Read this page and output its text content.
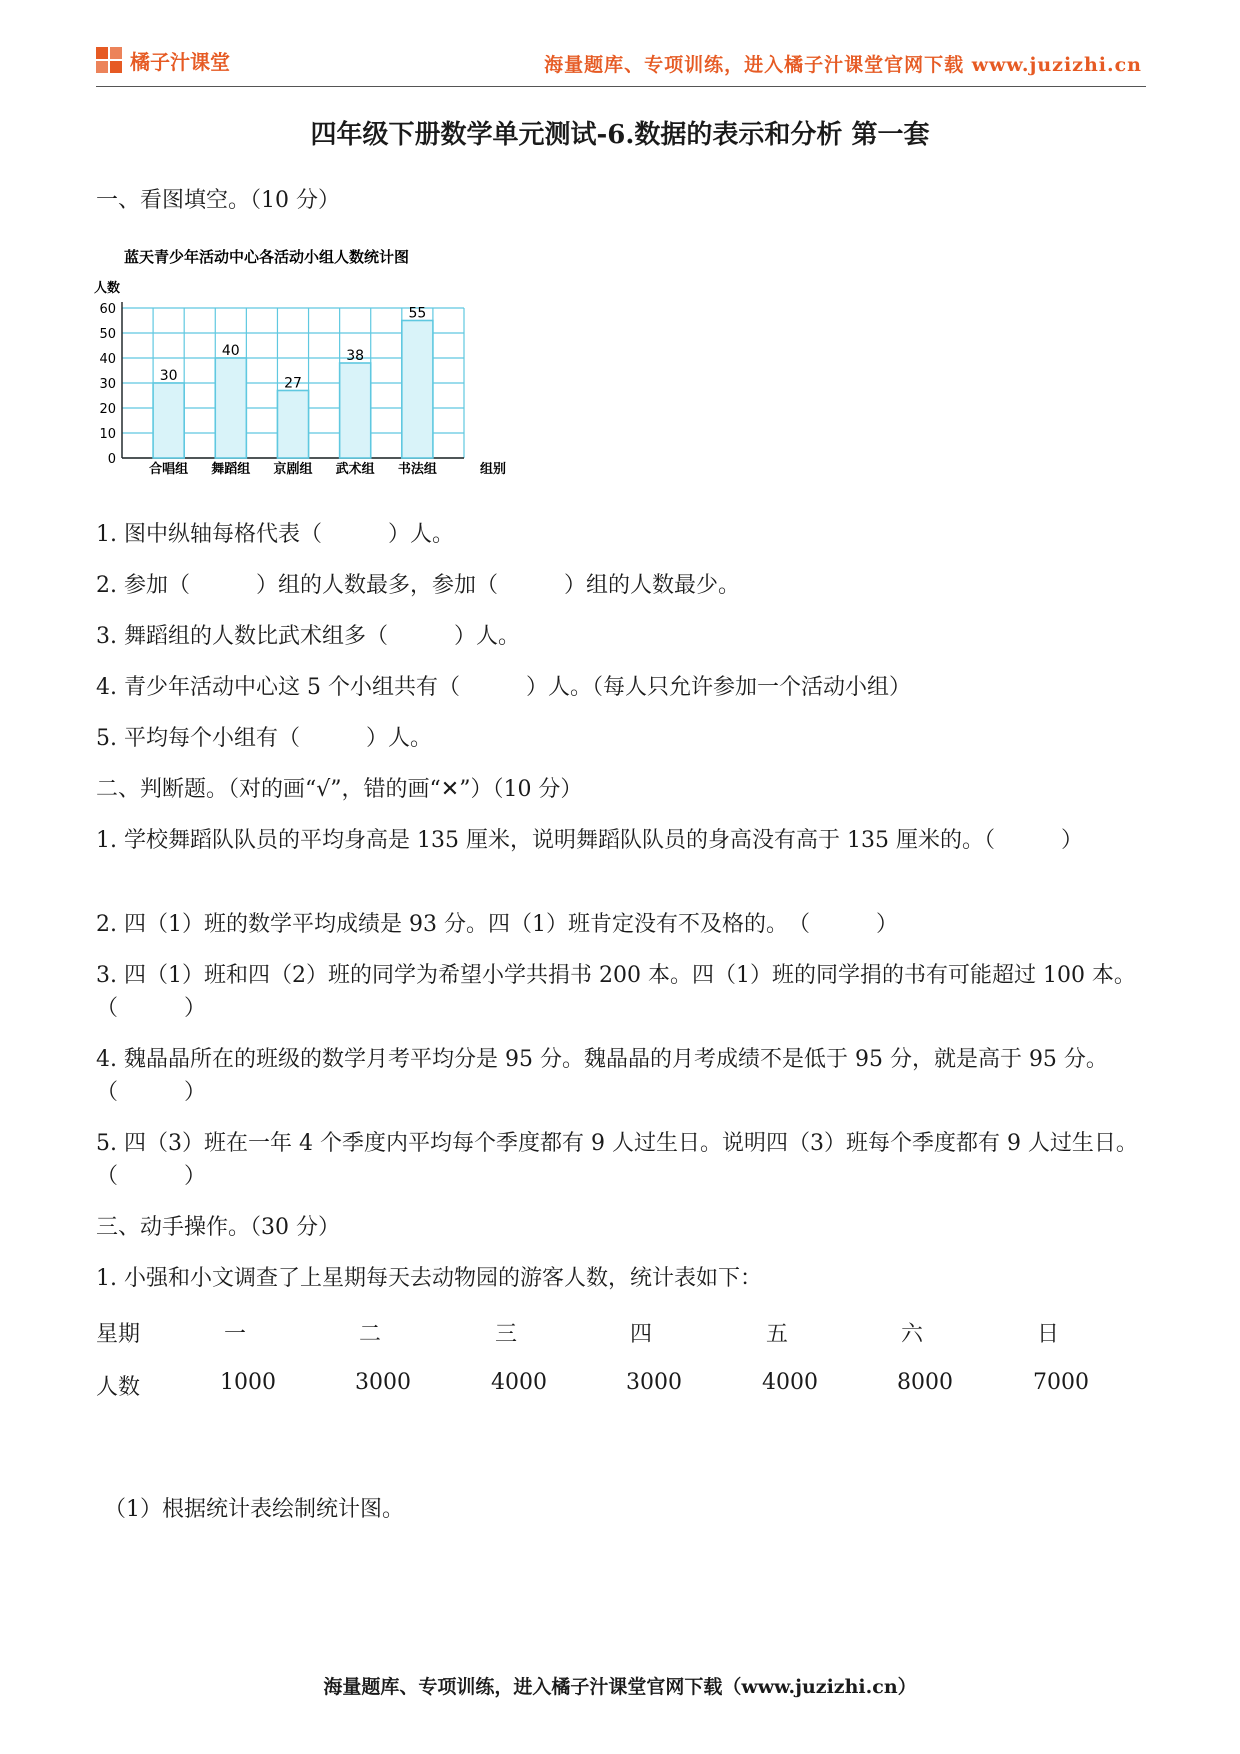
橘子汁课堂	海量题库、专项训练，进入橘子汁课堂官网下载 www.juzizhi.cn
四年级下册数学单元测试-6.数据的表示和分析 第一套
一、看图填空。（10 分）
蓝天青少年活动中心各活动小组人数统计图
人数
30
40
27
38
55
0
10
20
30
40
50
60
合唱组 舞蹈组 京剧组 武术组 书法组	组别
1. 图中纵轴每格代表（　　　）人。
2. 参加（　　　）组的人数最多，参加（　　　）组的人数最少。
3. 舞蹈组的人数比武术组多（　　　）人。
4. 青少年活动中心这 5 个小组共有（　　　）人。（每人只允许参加一个活动小组）
5. 平均每个小组有（　　　）人。
二、判断题。（对的画“√”，错的画“✕”）（10 分）
1. 学校舞蹈队队员的平均身高是 135 厘米，说明舞蹈队队员的身高没有高于 135 厘米的。（　　　）
2. 四（1）班的数学平均成绩是 93 分。四（1）班肯定没有不及格的。　（　　　）
3. 四（1）班和四（2）班的同学为希望小学共捐书 200 本。四（1）班的同学捐的书有可能超过 100 本。　（　　　）
4. 魏晶晶所在的班级的数学月考平均分是 95 分。魏晶晶的月考成绩不是低于 95 分，就是高于 95 分。　（　　　）
5. 四（3）班在一年 4 个季度内平均每个季度都有 9 人过生日。说明四（3）班每个季度都有 9 人过生日。　（　　　）
三、动手操作。（30 分）
1. 小强和小文调查了上星期每天去动物园的游客人数，统计表如下：
星期	一	二	三	四	五	六	日
人数	1000	3000	4000	3000	4000	8000	7000
（1）根据统计表绘制统计图。
海量题库、专项训练，进入橘子汁课堂官网下载（www.juzizhi.cn）
